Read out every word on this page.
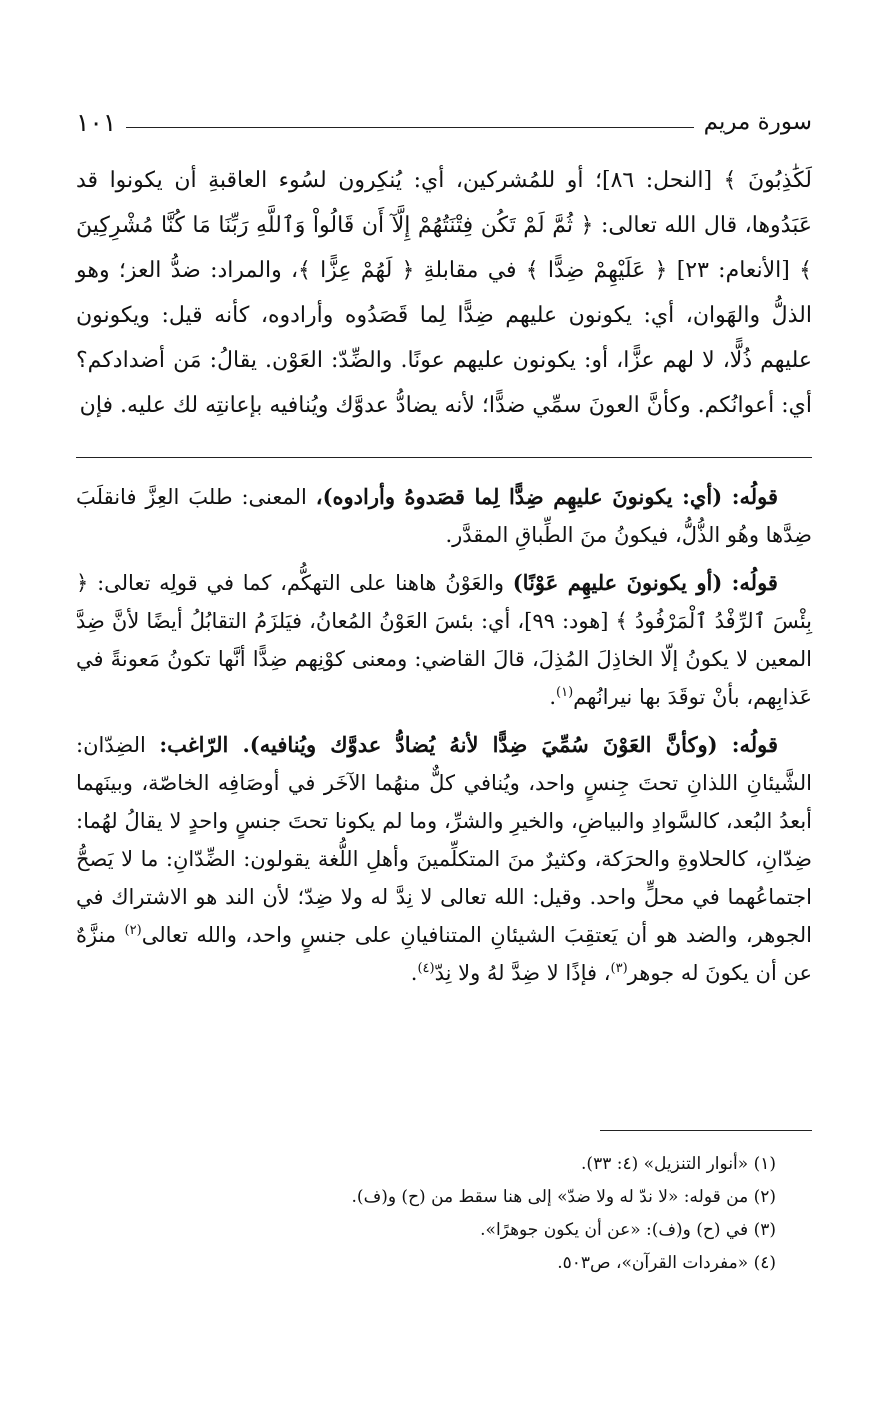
سورة مريم
١٠١

لَكَٰذِبُونَ ﴾ [النحل: ٨٦]؛ أو للمُشركين، أي: يُنكِرون لسُوء العاقبةِ أن يكونوا قد عَبَدُوها، قال الله تعالى: ﴿ ثُمَّ لَمْ تَكُن فِتْنَتُهُمْ إِلَّآ أَن قَالُواْ وَٱللَّهِ رَبِّنَا مَا كُنَّا مُشْرِكِينَ ﴾ [الأنعام: ٢٣] ﴿ عَلَيْهِمْ ضِدًّا ﴾ في مقابلةِ ﴿ لَهُمْ عِزًّا ﴾، والمراد: ضدُّ العز؛ وهو الذلُّ والهَوان، أي: يكونون عليهم ضِدًّا لِما قَصَدُوه وأرادوه، كأنه قيل: ويكونون عليهم ذُلًّا، لا لهم عزًّا، أو: يكونون عليهم عونًا. والضِّدّ: العَوْن. يقالُ: مَن أضدادكم؟ أي: أعوانُكم. وكأنَّ العونَ سمِّي ضدًّا؛ لأنه يضادُّ عدوَّك ويُنافيه بإعانتِه لك عليه. فإن

قولُه: (أي: يكونونَ عليهِم ضِدًّا لِما قصَدوهُ وأرادوه)، المعنى: طلبَ العِزَّ فانقلَبَ ضِدَّها وهُو الذُّلُّ، فيكونُ منَ الطِّباقِ المقدَّر.

قولُه: (أو يكونونَ عليهِم عَوْنًا) والعَوْنُ هاهنا على التهكُّم، كما في قولِه تعالى: ﴿ بِئْسَ ٱلرِّفْدُ ٱلْمَرْفُودُ ﴾ [هود: ٩٩]، أي: بئسَ العَوْنُ المُعانُ، فيَلزَمُ التقابُلُ أيضًا لأنَّ ضِدَّ المعين لا يكونُ إلّا الخاذِلَ المُذِلَ، قالَ القاضي: ومعنى كوْنِهم ضِدًّا أنَّها تكونُ مَعونةً في عَذابِهم، بأنْ توقَدَ بها نيرانُهم$^{(١)}$.

قولُه: (وكأنَّ العَوْنَ سُمِّيَ ضِدًّا لأنهُ يُضادُّ عدوَّك ويُنافيه). الرّاغب: الضِدّان: الشَّيئانِ اللذانِ تحتَ جِنسٍ واحد، ويُنافي كلٌّ منهُما الآخَر في أوصَافِه الخاصّة، وبينَهما أبعدُ البُعد، كالسَّوادِ والبياضِ، والخيرِ والشرِّ، وما لم يكونا تحتَ جنسٍ واحدٍ لا يقالُ لهُما: ضِدّانِ، كالحلاوةِ والحرَكة، وكثيرٌ منَ المتكلِّمينَ وأهلِ اللُّغة يقولون: الضِّدّانِ: ما لا يَصحُّ اجتماعُهما في محلٍّ واحد. وقيل: الله تعالى لا نِدَّ له ولا ضِدّ؛ لأن الند هو الاشتراك في الجوهر، والضد هو أن يَعتقِبَ الشيئانِ المتنافيانِ على جنسٍ واحد، والله تعالى$^{(٢)}$ منزَّهٌ عن أن يكونَ له جوهر$^{(٣)}$، فإذًا لا ضِدَّ لهُ ولا نِدّ$^{(٤)}$.

(١) «أنوار التنزيل» (٤: ٣٣).
(٢) من قوله: «لا ندّ له ولا ضدّ» إلى هنا سقط من (ح) و(ف).
(٣) في (ح) و(ف): «عن أن يكون جوهرًا».
(٤) «مفردات القرآن»، ص٥٠٣.
